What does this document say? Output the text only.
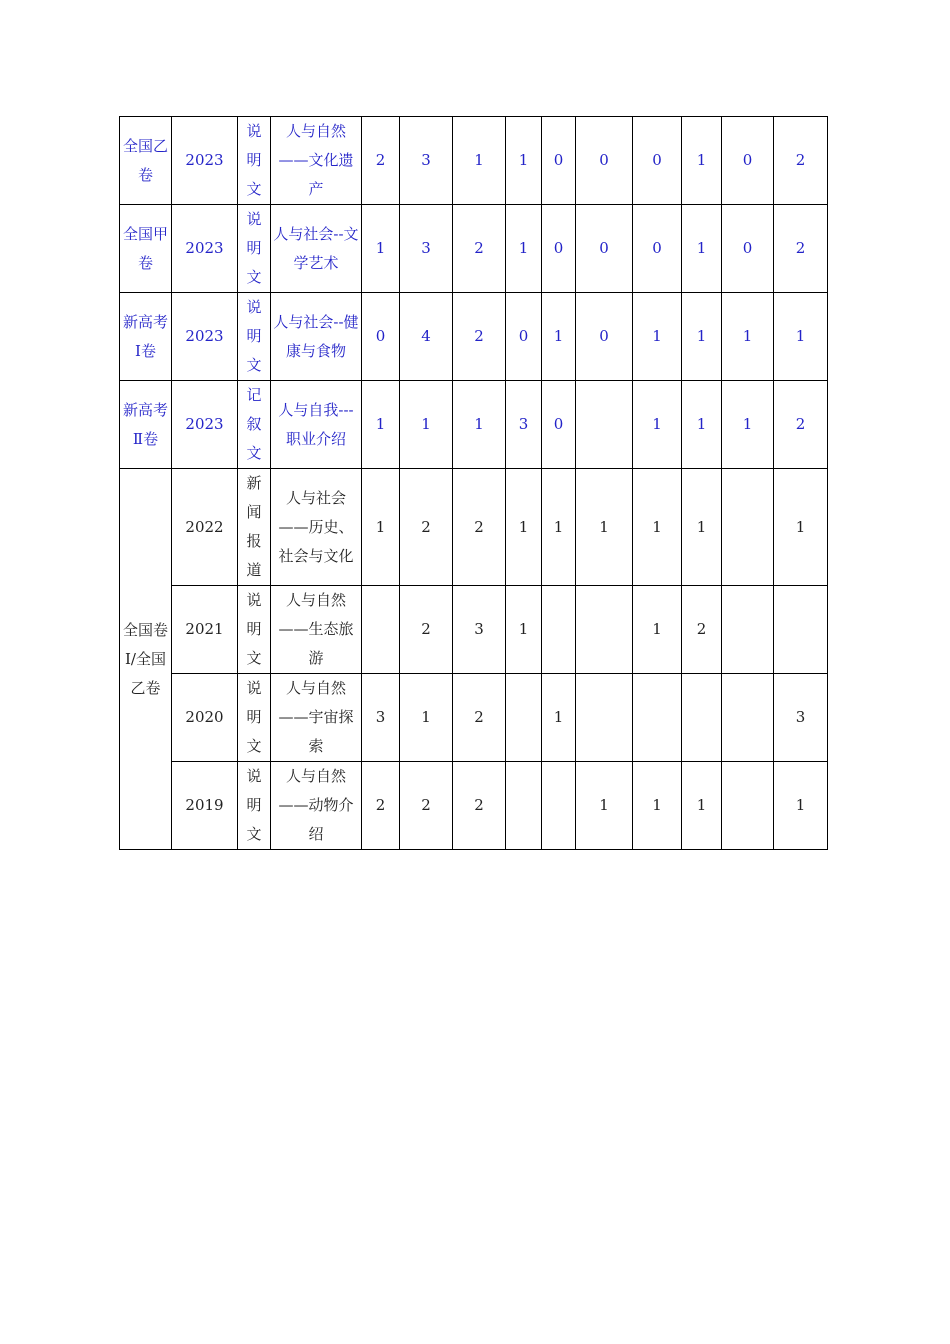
全国乙卷	2023	说明文	人与自然——文化遗产	2	3	1	1	0	0	0	1	0	2
全国甲卷	2023	说明文	人与社会--文学艺术	1	3	2	1	0	0	0	1	0	2
新高考Ⅰ卷	2023	说明文	人与社会--健康与食物	0	4	2	0	1	0	1	1	1	1
新高考Ⅱ卷	2023	记叙文	人与自我--- 职业介绍	1	1	1	3	0		1	1	1	2
全国卷Ⅰ/全国乙卷	2022	新闻报道	人与社会——历史、社会与文化	1	2	2	1	1	1	1	1		1
	2021	说明文	人与自然——生态旅游		2	3	1			1	2		
	2020	说明文	人与自然——宇宙探索	3	1	2		1					3
	2019	说明文	人与自然——动物介绍	2	2	2			1	1	1		1
